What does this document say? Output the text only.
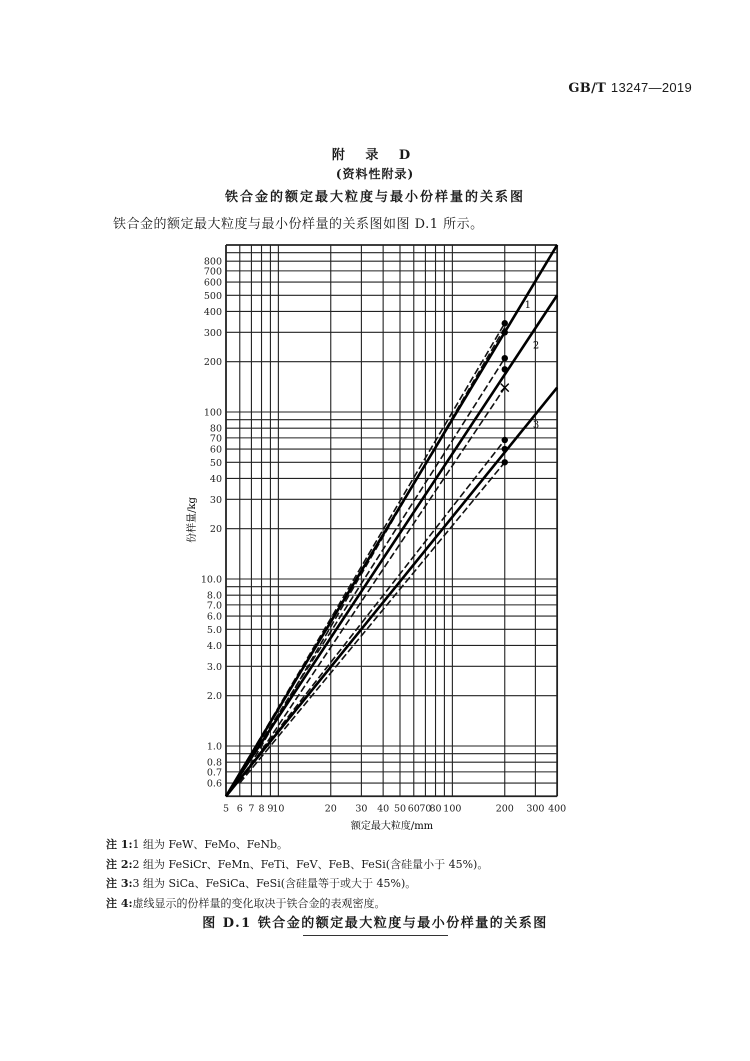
GB/T 13247—2019
附 录 D
(资料性附录)
铁合金的额定最大粒度与最小份样量的关系图
铁合金的额定最大粒度与最小份样量的关系图如图 D.1 所示。
5 6 7 8 9
10	20 30 40 50 60 70
80 100	200 300 400
0.6
0.7
0.8
1.0
2.0
3.0
4.0
5.0
6.0
7.0
8.0
10.0
20
30
40
50
60
70
80
100
200
300
400
500
600
700
800
1
2
3
份样量/kg
额定最大粒度/mm
注 1:1 组为 FeW、FeMo、FeNb。
注 2:2 组为 FeSiCr、FeMn、FeTi、FeV、FeB、FeSi(含硅量小于 45%)。
注 3:3 组为 SiCa、FeSiCa、FeSi(含硅量等于或大于 45%)。
注 4:虚线显示的份样量的变化取决于铁合金的表观密度。
图 D.1 铁合金的额定最大粒度与最小份样量的关系图
